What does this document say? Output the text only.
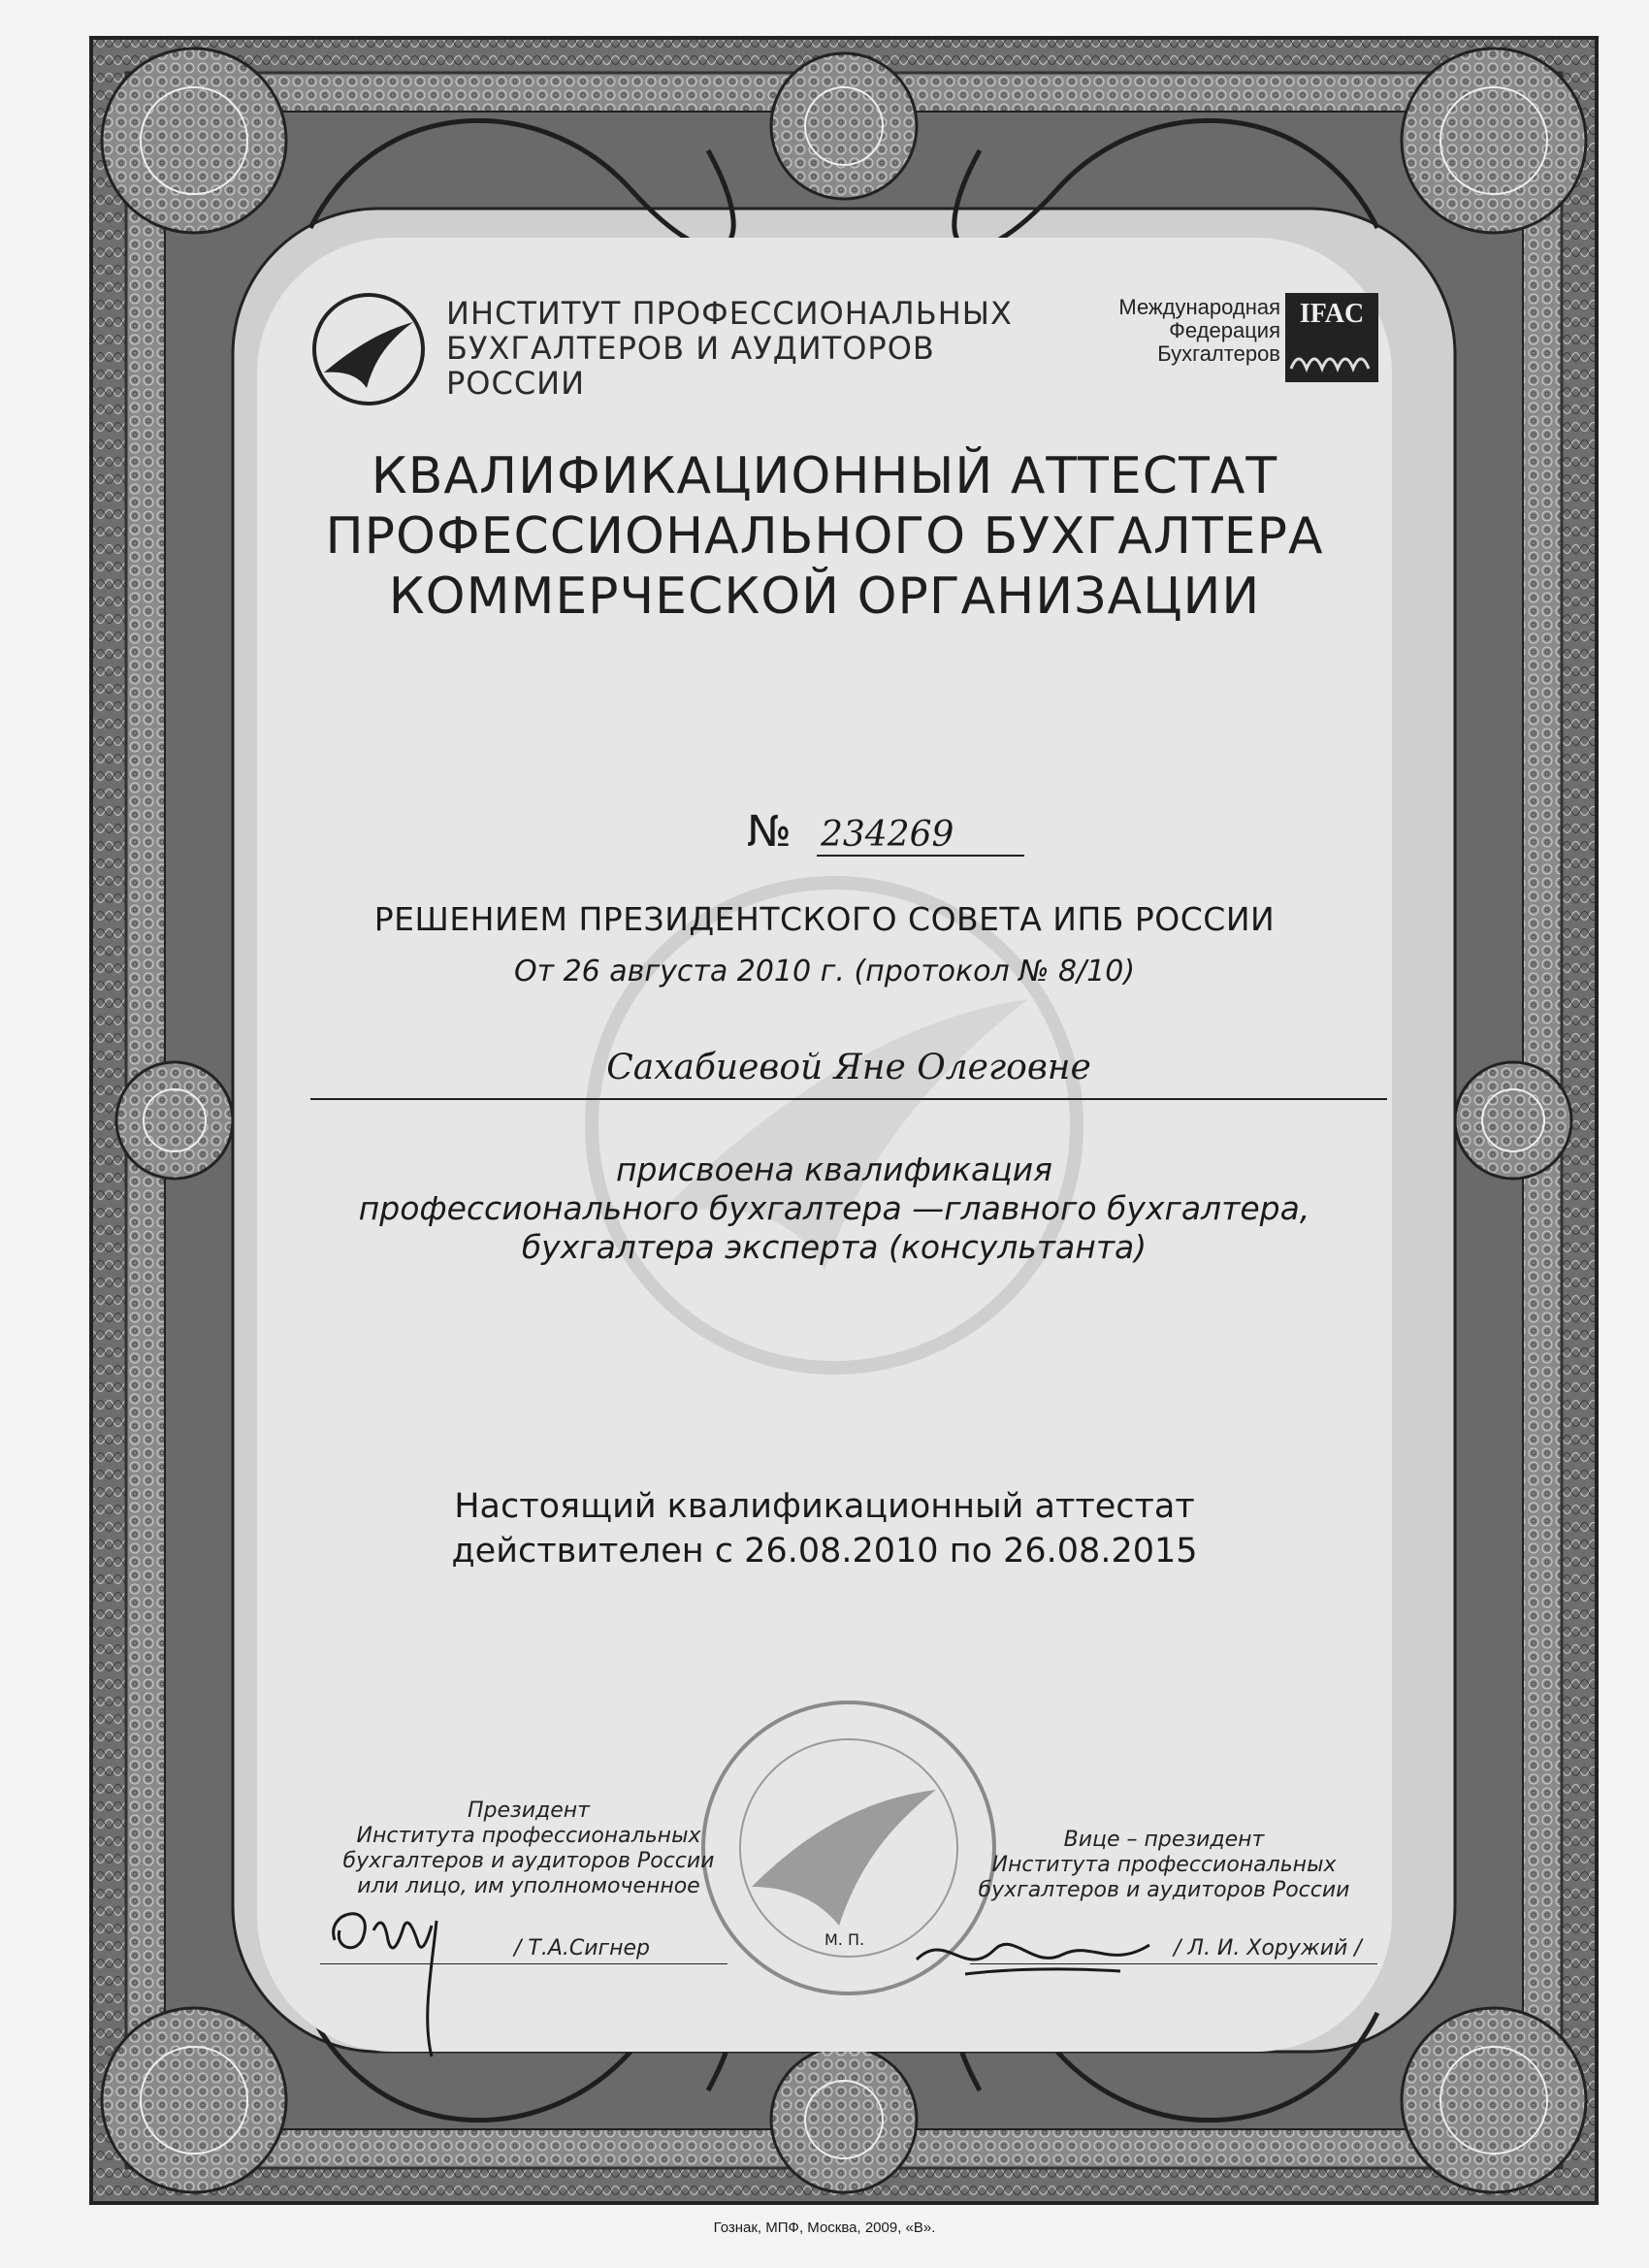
ИНСТИТУТ ПРОФЕССИОНАЛЬНЫХ
БУХГАЛТЕРОВ И АУДИТОРОВ
РОССИИ
Международная
Федерация
Бухгалтеров
IFAC
КВАЛИФИКАЦИОННЫЙ АТТЕСТАТ
ПРОФЕССИОНАЛЬНОГО БУХГАЛТЕРА
КОММЕРЧЕСКОЙ ОРГАНИЗАЦИИ
№ 234269
РЕШЕНИЕМ ПРЕЗИДЕНТСКОГО СОВЕТА ИПБ РОССИИ
От 26 августа 2010 г. (протокол № 8/10)
Сахабиевой Яне Олеговне
присвоена квалификация
профессионального бухгалтера —главного бухгалтера,
бухгалтера эксперта (консультанта)
Настоящий квалификационный аттестат
действителен с 26.08.2010 по 26.08.2015
Президент
Института профессиональных
бухгалтеров и аудиторов России
или лицо, им уполномоченное
/ Т.А.Сигнер	М. П.
Вице – президент
Института профессиональных
бухгалтеров и аудиторов России
/ Л. И. Хоружий /
Гознак, МПФ, Москва, 2009, «В».
